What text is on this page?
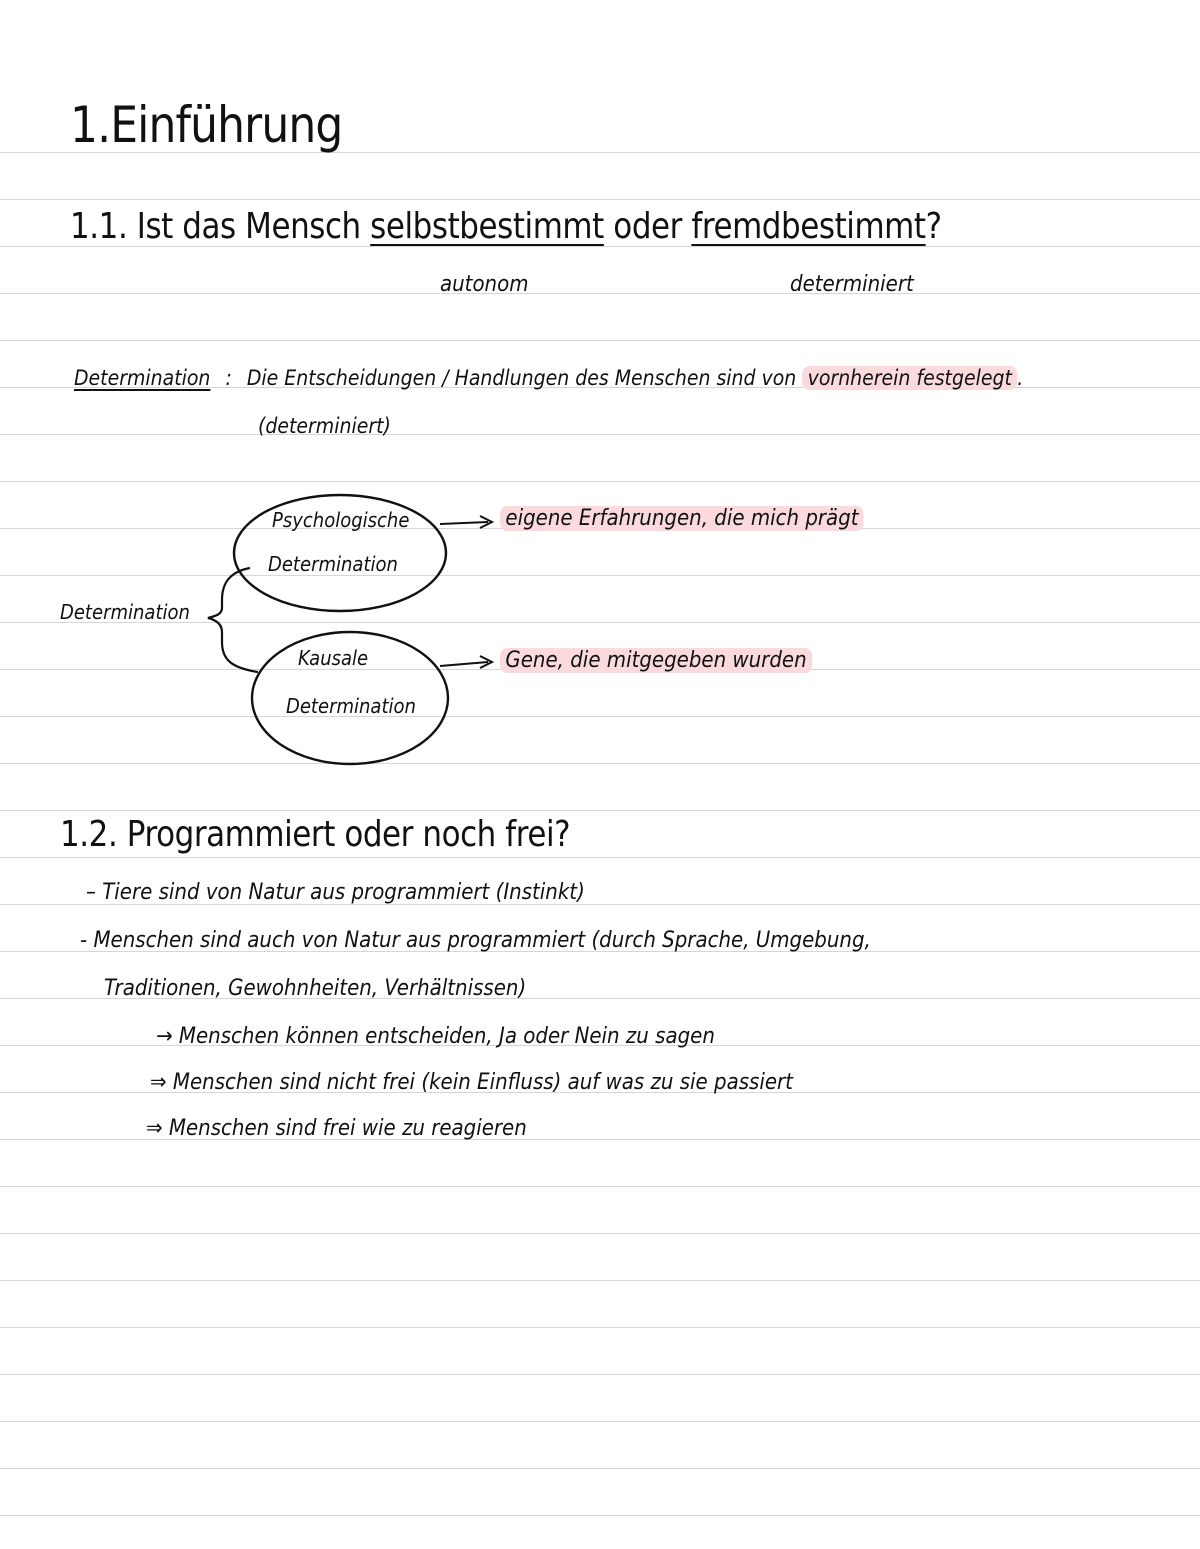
1.Einführung
1.1. Ist das Mensch selbstbestimmt oder fremdbestimmt?
autonom	determiniert
Determination : Die Entscheidungen / Handlungen des Menschen sind von vornherein festgelegt .
(determiniert)
Determination
Psychologische
Determination
eigene Erfahrungen, die mich prägt
Kausale
Determination
Gene, die mitgegeben wurden
1.2. Programmiert oder noch frei?
– Tiere sind von Natur aus programmiert (Instinkt)
- Menschen sind auch von Natur aus programmiert (durch Sprache, Umgebung,
Traditionen, Gewohnheiten, Verhältnissen)
→ Menschen können entscheiden, Ja oder Nein zu sagen
⇒ Menschen sind nicht frei (kein Einfluss) auf was zu sie passiert
⇒ Menschen sind frei wie zu reagieren
